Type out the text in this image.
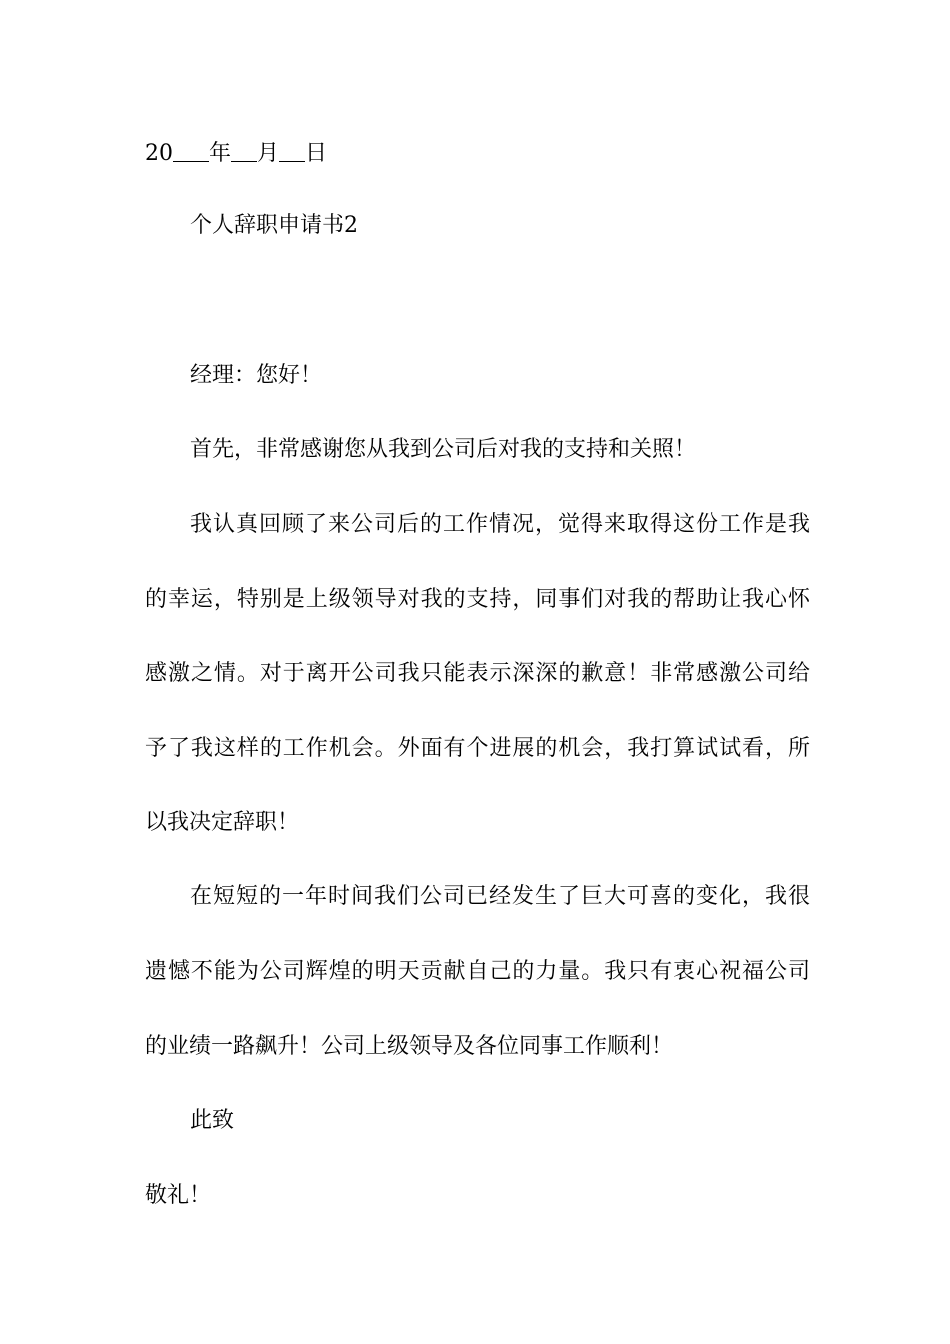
20 年 月 日
个人辞职申请书2
经理：您好！
首先，非常感谢您从我到公司后对我的支持和关照！
我认真回顾了来公司后的工作情况，觉得来取得这份工作是我
的幸运，特别是上级领导对我的支持，同事们对我的帮助让我心怀
感激之情。对于离开公司我只能表示深深的歉意！非常感激公司给
予了我这样的工作机会。外面有个进展的机会，我打算试试看，所
以我决定辞职！
在短短的一年时间我们公司已经发生了巨大可喜的变化，我很
遗憾不能为公司辉煌的明天贡献自己的力量。我只有衷心祝福公司
的业绩一路飙升！公司上级领导及各位同事工作顺利！
此致
敬礼！
